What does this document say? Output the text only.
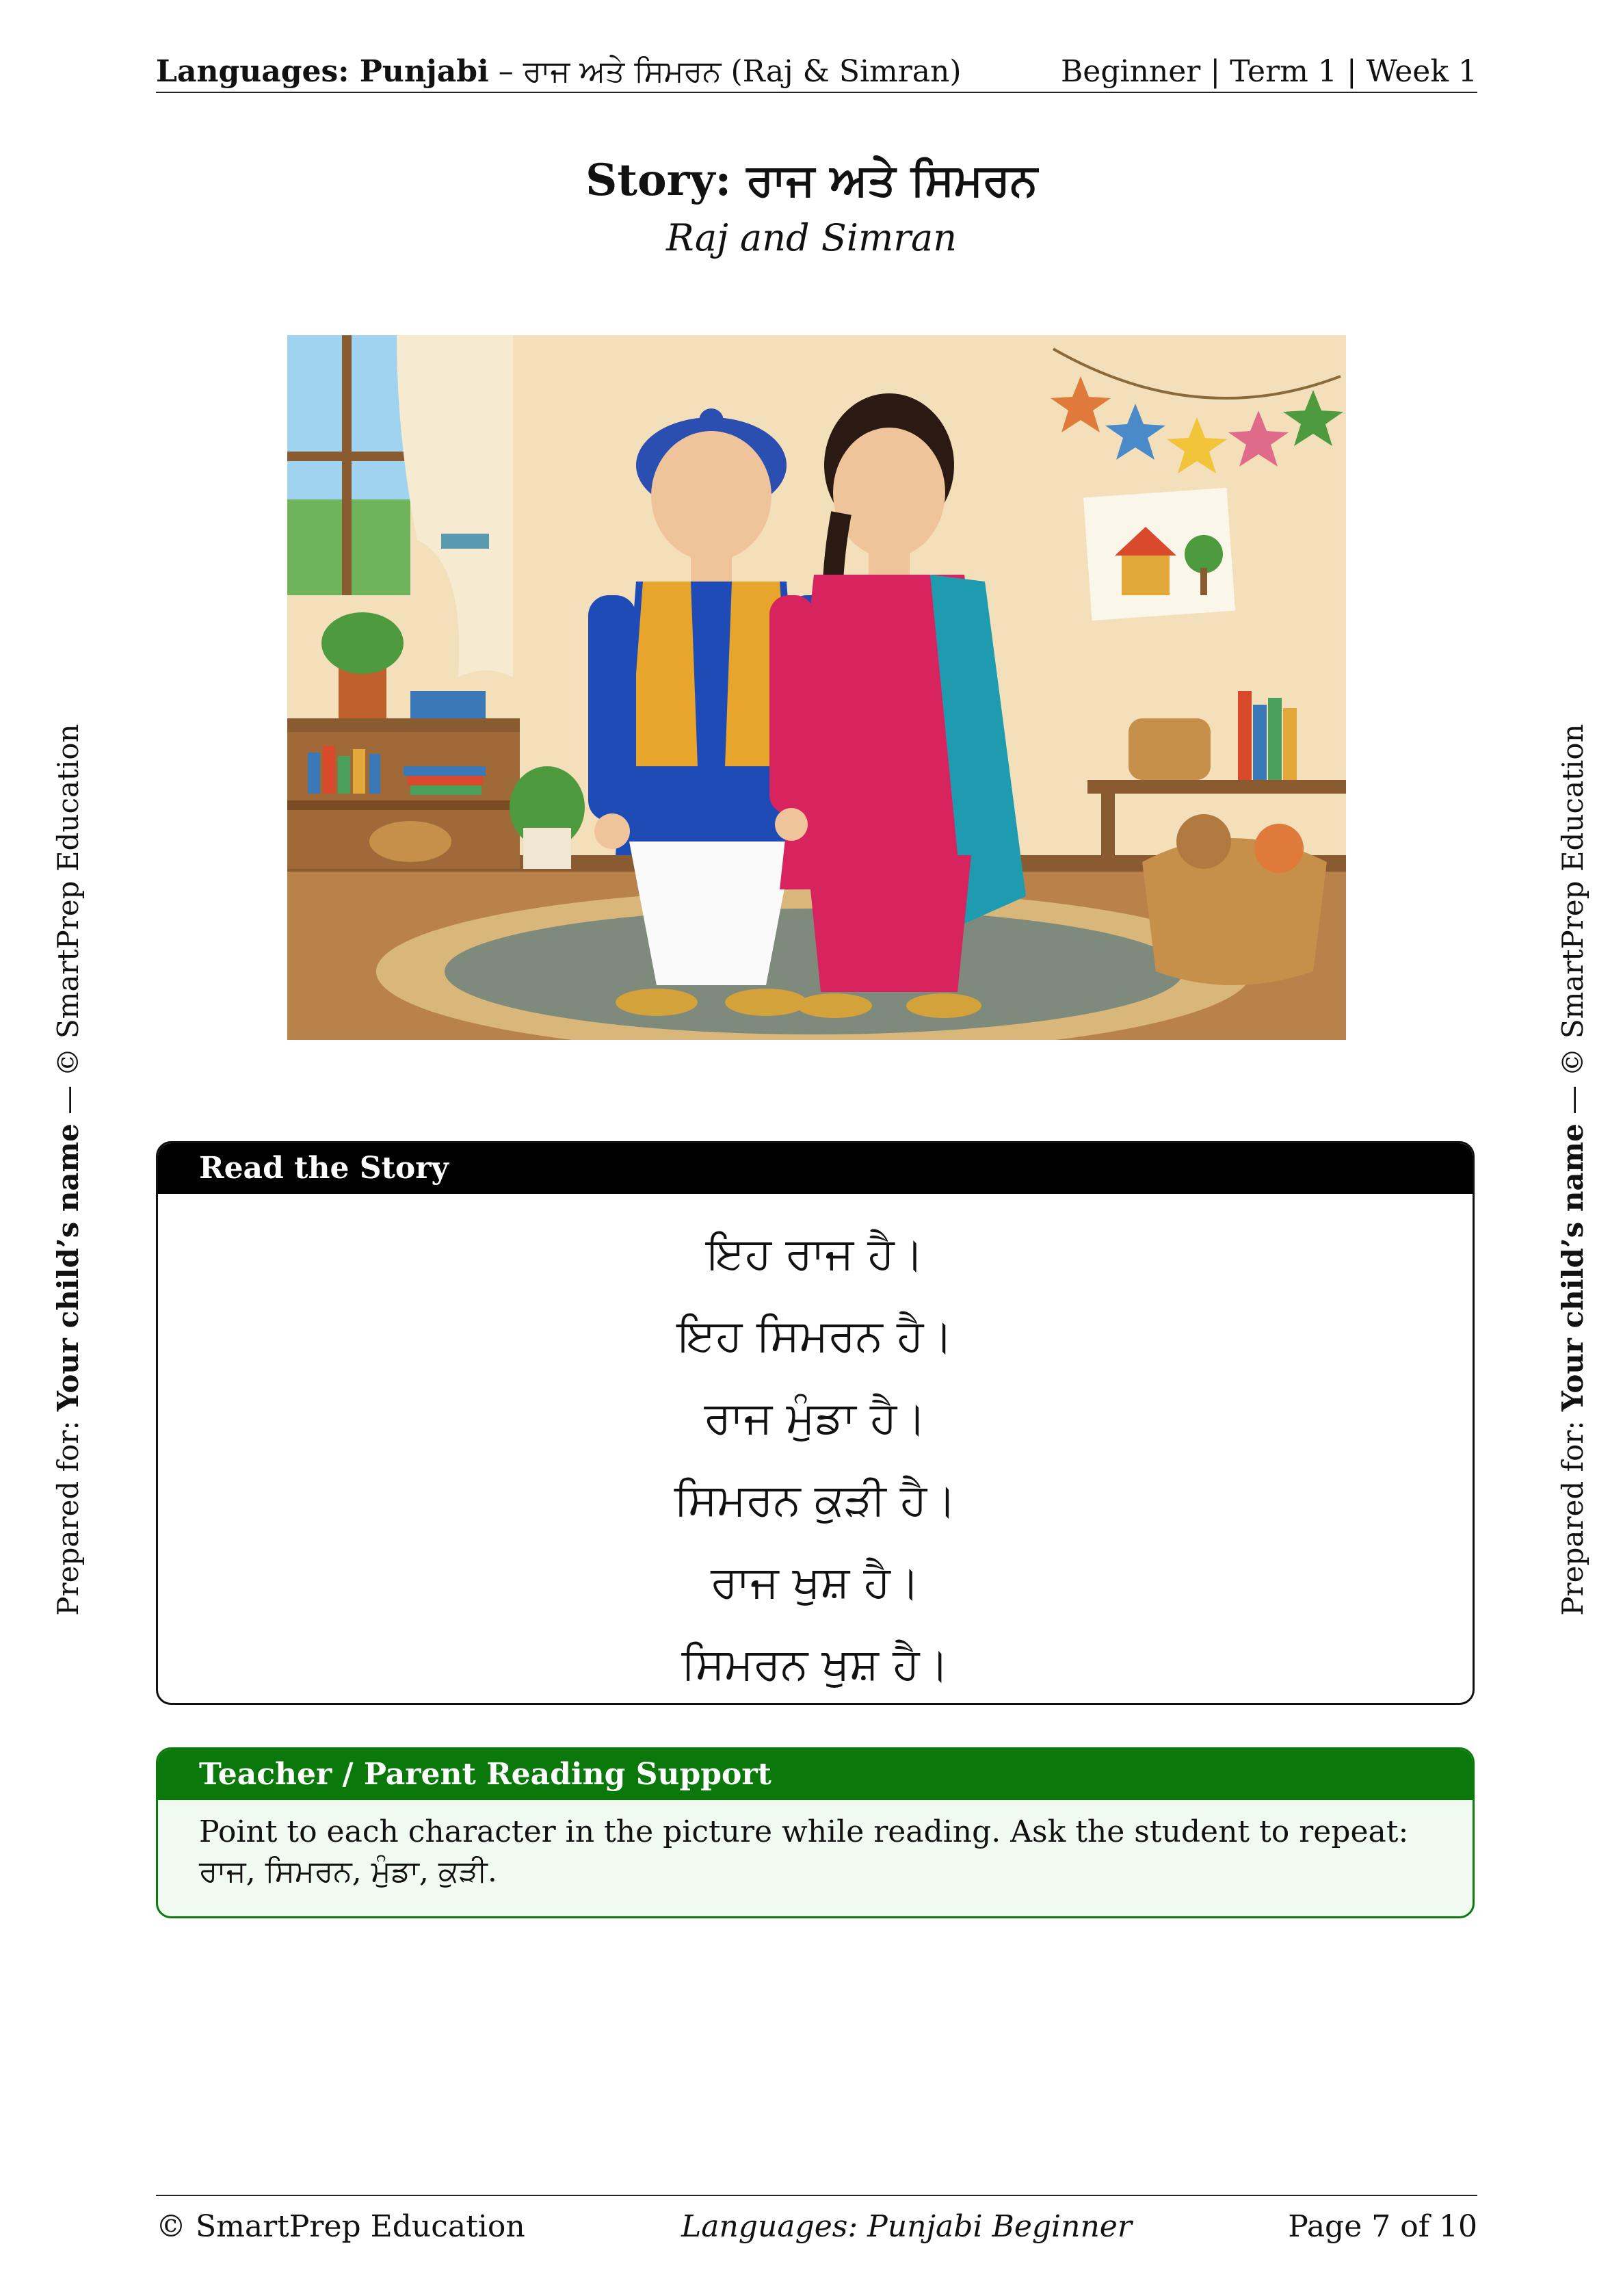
Languages: Punjabi – ਰਾਜ ਅਤੇ ਸਿਮਰਨ (Raj & Simran)	Beginner | Term 1 | Week 1
Story: ਰਾਜ ਅਤੇ ਸਿਮਰਨ
Raj and Simran
Read the Story
ਇਹ ਰਾਜ ਹੈ।
ਇਹ ਸਿਮਰਨ ਹੈ।
ਰਾਜ ਮੁੰਡਾ ਹੈ।
ਸਿਮਰਨ ਕੁੜੀ ਹੈ।
ਰਾਜ ਖੁਸ਼ ਹੈ।
ਸਿਮਰਨ ਖੁਸ਼ ਹੈ।
Teacher / Parent Reading Support
Point to each character in the picture while reading. Ask the student to repeat: ਰਾਜ, ਸਿਮਰਨ, ਮੁੰਡਾ, ਕੁੜੀ.
Prepared for: Your child’s name — © SmartPrep Education
Prepared for: Your child’s name — © SmartPrep Education
© SmartPrep Education	Languages: Punjabi Beginner	Page 7 of 10
